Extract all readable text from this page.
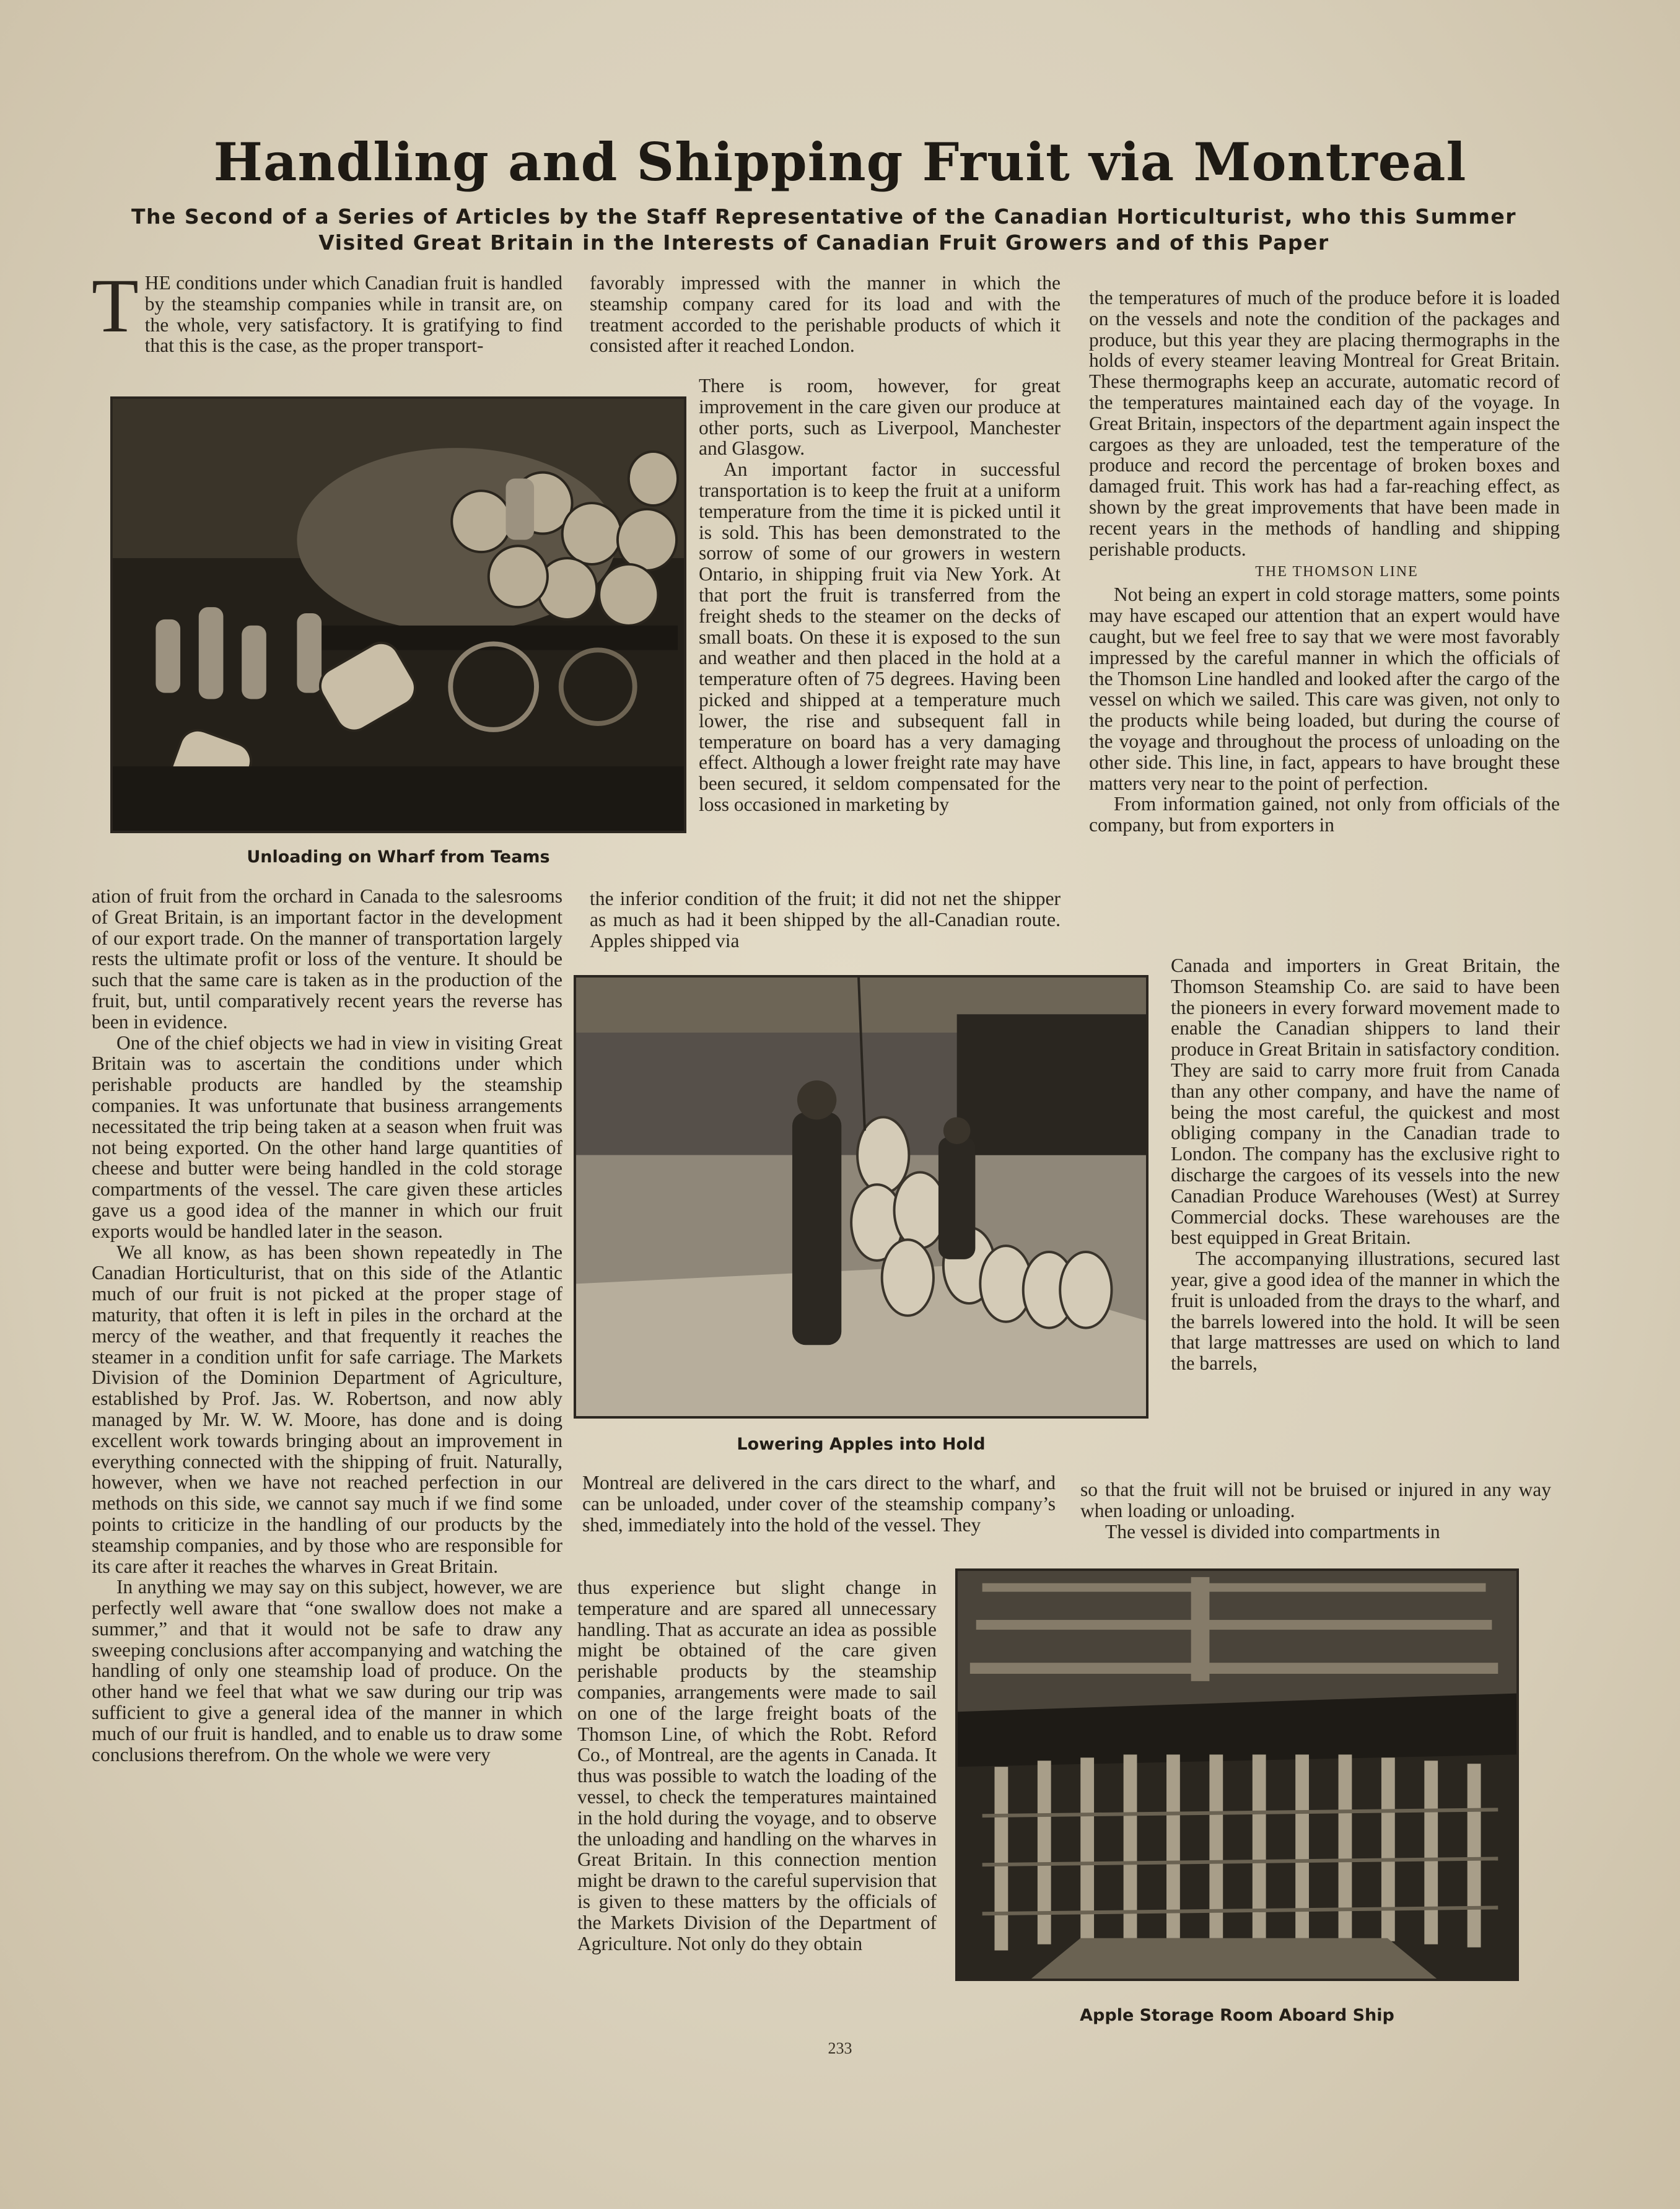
Handling and Shipping Fruit via Montreal
The Second of a Series of Articles by the Staff Representative of the Canadian Horticulturist, who this Summer
Visited Great Britain in the Interests of Canadian Fruit Growers and of this Paper
T HE conditions under which Canadian fruit is handled by the steamship companies while in transit are, on the whole, very satisfactory. It is gratifying to find that this is the case, as the proper transport-

Unloading on Wharf from Teams

ation of fruit from the orchard in Canada to the salesrooms of Great Britain, is an important factor in the development of our export trade. On the manner of transportation largely rests the ultimate profit or loss of the venture. It should be such that the same care is taken as in the production of the fruit, but, until comparatively recent years the reverse has been in evidence.

One of the chief objects we had in view in visiting Great Britain was to ascertain the conditions under which perishable products are handled by the steamship companies. It was unfortunate that business arrangements necessitated the trip being taken at a season when fruit was not being exported. On the other hand large quantities of cheese and butter were being handled in the cold storage compartments of the vessel. The care given these articles gave us a good idea of the manner in which our fruit exports would be handled later in the season.

We all know, as has been shown repeatedly in The Canadian Horticulturist, that on this side of the Atlantic much of our fruit is not picked at the proper stage of maturity, that often it is left in piles in the orchard at the mercy of the weather, and that frequently it reaches the steamer in a condition unfit for safe carriage. The Markets Division of the Dominion Department of Agriculture, established by Prof. Jas. W. Robertson, and now ably managed by Mr. W. W. Moore, has done and is doing excellent work towards bringing about an improvement in everything connected with the shipping of fruit. Naturally, however, when we have not reached perfection in our methods on this side, we cannot say much if we find some points to criticize in the handling of our products by the steamship companies, and by those who are responsible for its care after it reaches the wharves in Great Britain.

In anything we may say on this subject, however, we are perfectly well aware that “one swallow does not make a summer,” and that it would not be safe to draw any sweeping conclusions after accompanying and watching the handling of only one steamship load of produce. On the other hand we feel that what we saw during our trip was sufficient to give a general idea of the manner in which much of our fruit is handled, and to enable us to draw some conclusions therefrom. On the whole we were very

favorably impressed with the manner in which the steamship company cared for its load and with the treatment accorded to the perishable products of which it consisted after it reached London.

There is room, however, for great improvement in the care given our produce at other ports, such as Liverpool, Manchester and Glasgow.

An important factor in successful transportation is to keep the fruit at a uniform temperature from the time it is picked until it is sold. This has been demonstrated to the sorrow of some of our growers in western Ontario, in shipping fruit via New York. At that port the fruit is transferred from the freight sheds to the steamer on the decks of small boats. On these it is exposed to the sun and weather and then placed in the hold at a temperature often of 75 degrees. Having been picked and shipped at a temperature much lower, the rise and subsequent fall in temperature on board has a very damaging effect. Although a lower freight rate may have been secured, it seldom compensated for the loss occasioned in marketing by

the inferior condition of the fruit; it did not net the shipper as much as had it been shipped by the all-Canadian route. Apples shipped via

Lowering Apples into Hold

Montreal are delivered in the cars direct to the wharf, and can be unloaded, under cover of the steamship company’s shed, immediately into the hold of the vessel. They

thus experience but slight change in temperature and are spared all unnecessary handling. That as accurate an idea as possible might be obtained of the care given perishable products by the steamship companies, arrangements were made to sail on one of the large freight boats of the Thomson Line, of which the Robt. Reford Co., of Montreal, are the agents in Canada. It thus was possible to watch the loading of the vessel, to check the temperatures maintained in the hold during the voyage, and to observe the unloading and handling on the wharves in Great Britain. In this connection mention might be drawn to the careful supervision that is given to these matters by the officials of the Markets Division of the Department of Agriculture. Not only do they obtain

the temperatures of much of the produce before it is loaded on the vessels and note the condition of the packages and produce, but this year they are placing thermographs in the holds of every steamer leaving Montreal for Great Britain. These thermographs keep an accurate, automatic record of the temperatures maintained each day of the voyage. In Great Britain, inspectors of the department again inspect the cargoes as they are unloaded, test the temperature of the produce and record the percentage of broken boxes and damaged fruit. This work has had a far-reaching effect, as shown by the great improvements that have been made in recent years in the methods of handling and shipping perishable products.

THE THOMSON LINE

Not being an expert in cold storage matters, some points may have escaped our attention that an expert would have caught, but we feel free to say that we were most favorably impressed by the careful manner in which the officials of the Thomson Line handled and looked after the cargo of the vessel on which we sailed. This care was given, not only to the products while being loaded, but during the course of the voyage and throughout the process of unloading on the other side. This line, in fact, appears to have brought these matters very near to the point of perfection.

From information gained, not only from officials of the company, but from exporters in

Canada and importers in Great Britain, the Thomson Steamship Co. are said to have been the pioneers in every forward movement made to enable the Canadian shippers to land their produce in Great Britain in satisfactory condition. They are said to carry more fruit from Canada than any other company, and have the name of being the most careful, the quickest and most obliging company in the Canadian trade to London. The company has the exclusive right to discharge the cargoes of its vessels into the new Canadian Produce Warehouses (West) at Surrey Commercial docks. These warehouses are the best equipped in Great Britain.

The accompanying illustrations, secured last year, give a good idea of the manner in which the fruit is unloaded from the drays to the wharf, and the barrels lowered into the hold. It will be seen that large mattresses are used on which to land the barrels,

so that the fruit will not be bruised or injured in any way when loading or unloading.

The vessel is divided into compartments in

Apple Storage Room Aboard Ship
233
